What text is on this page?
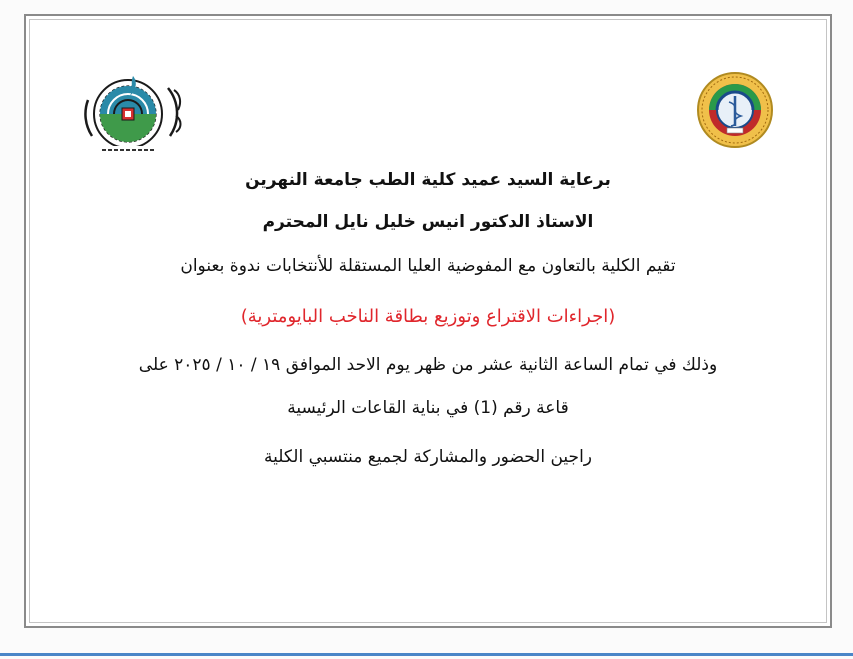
برعاية السيد عميد كلية الطب جامعة النهرين
الاستاذ الدكتور انيس خليل نايل المحترم
تقيم الكلية بالتعاون مع المفوضية العليا المستقلة للأنتخابات ندوة بعنوان
(اجراءات الاقتراع وتوزيع بطاقة الناخب البايومترية)
وذلك في تمام الساعة الثانية عشر من ظهر يوم الاحد الموافق ١٩ / ١٠ / ٢٠٢٥ على
قاعة رقم (1) في بناية القاعات الرئيسية
راجين الحضور والمشاركة لجميع منتسبي الكلية
